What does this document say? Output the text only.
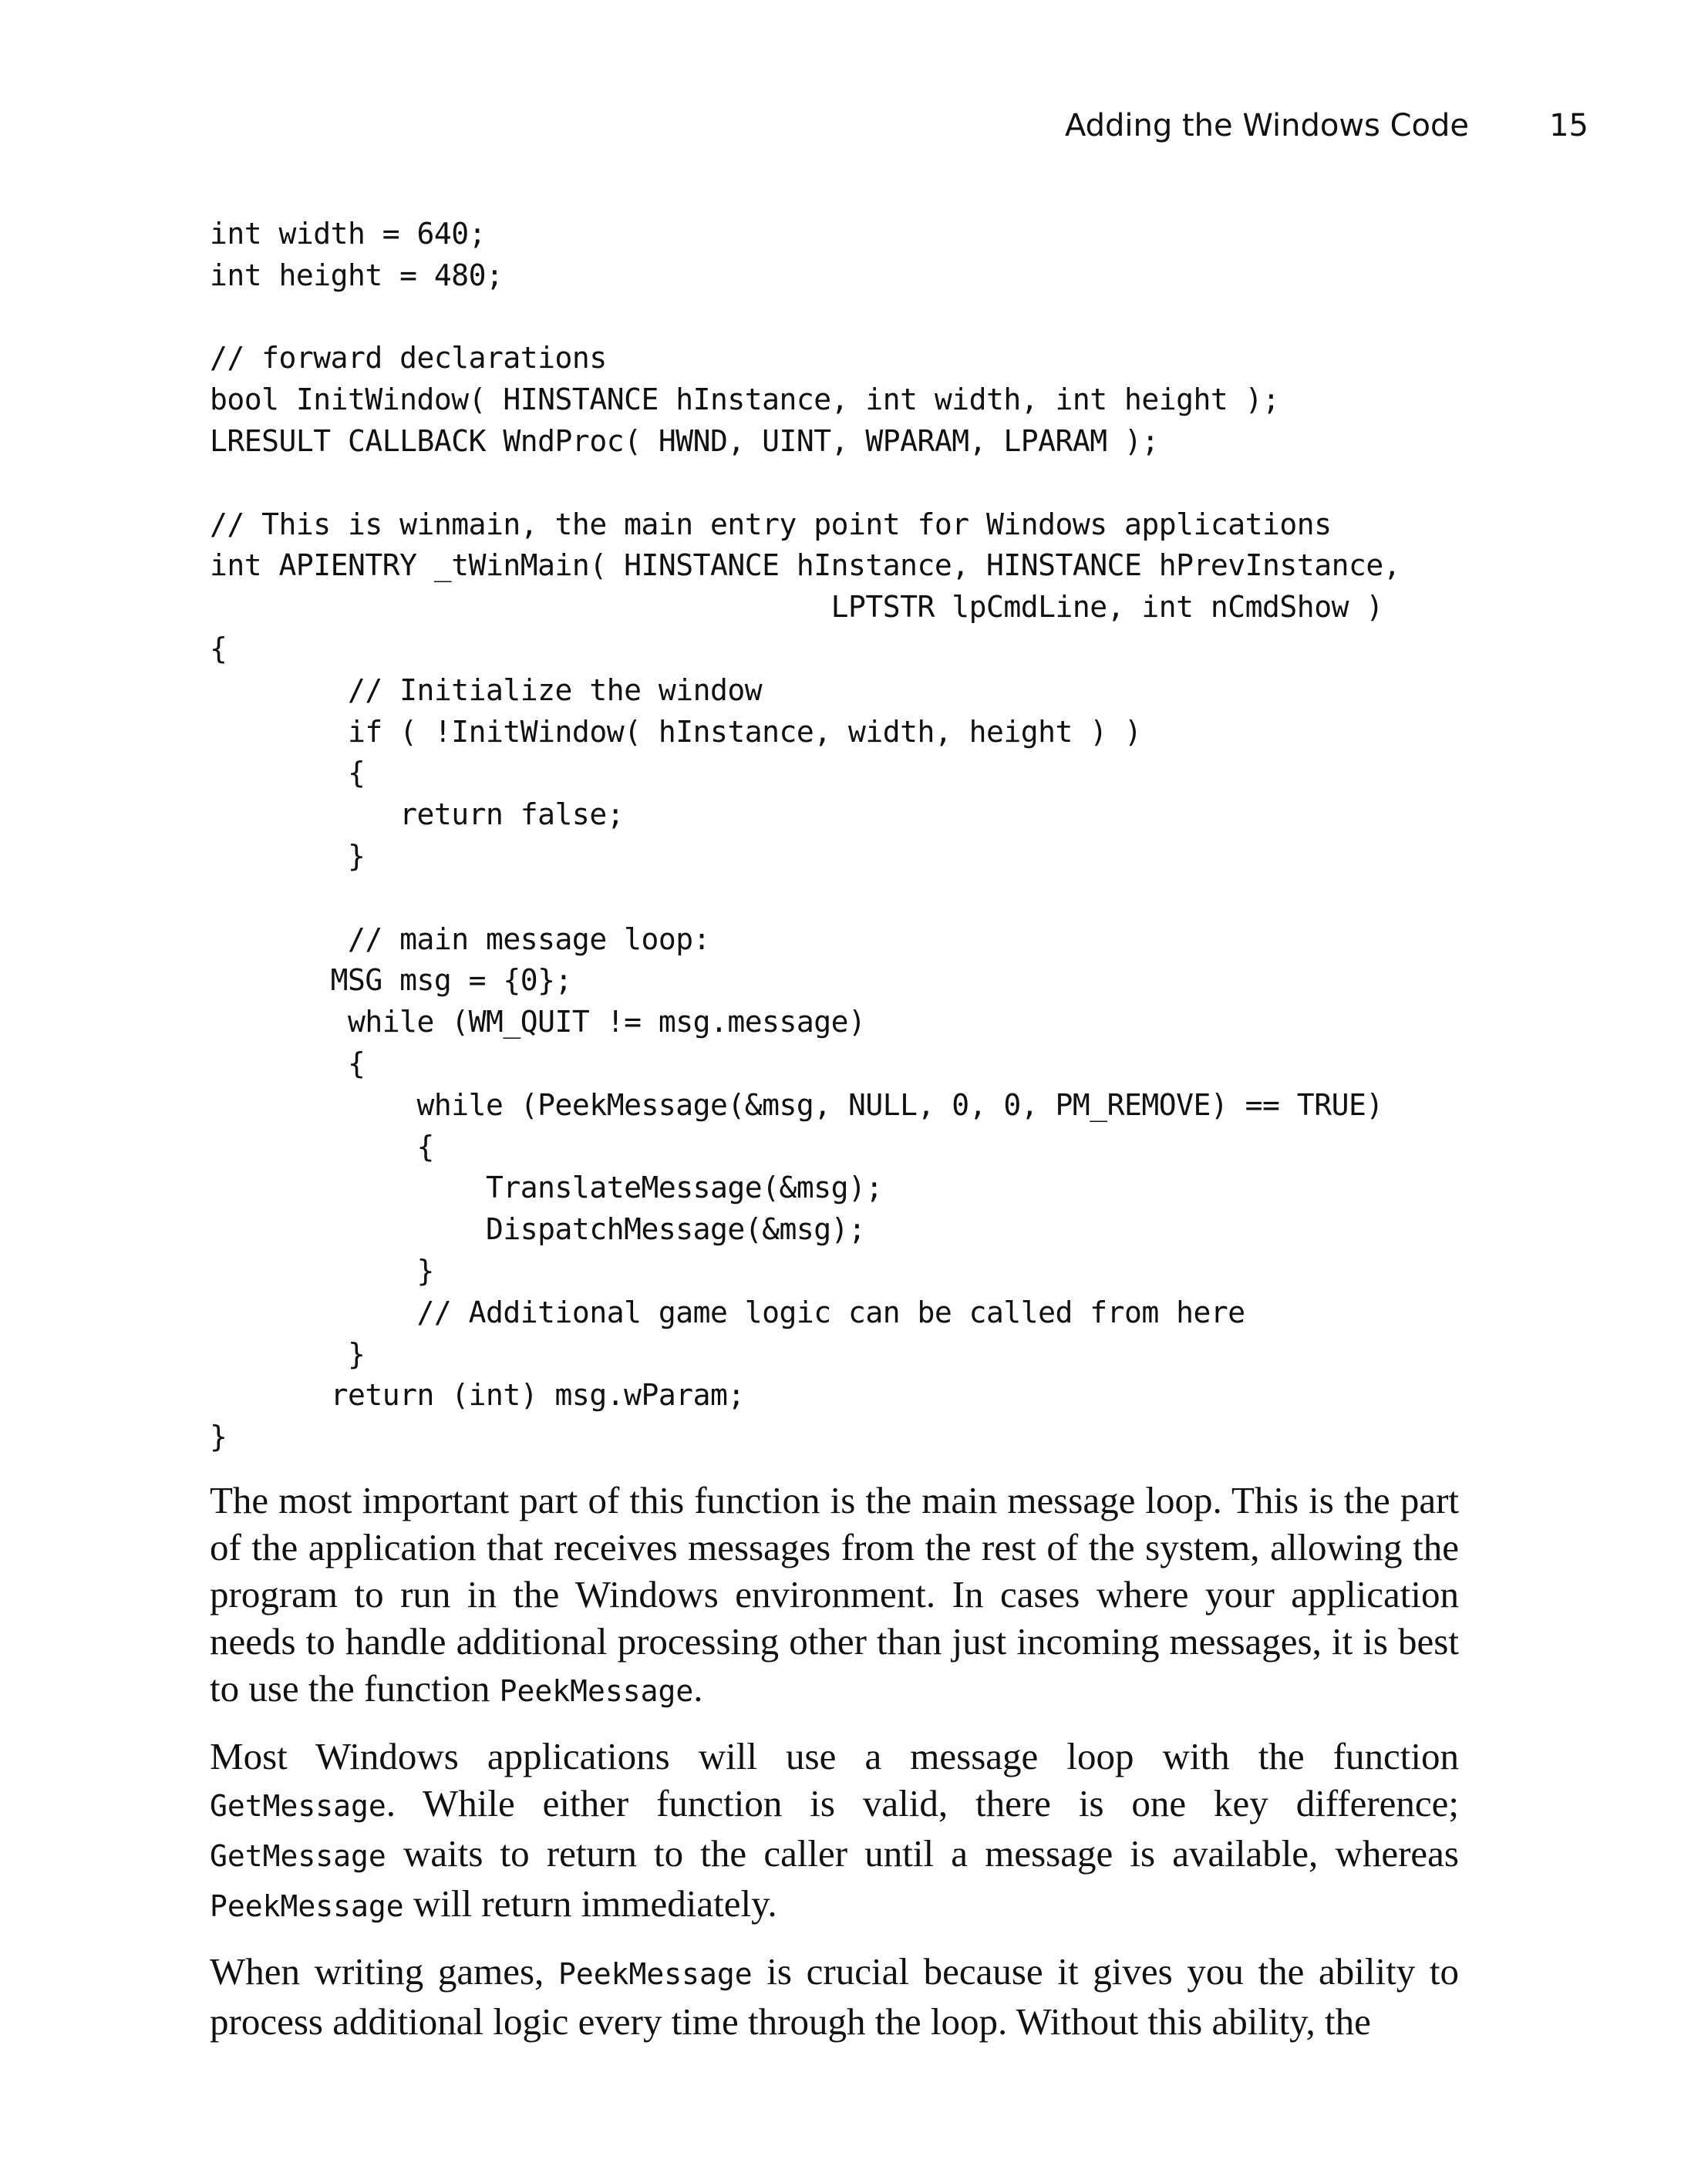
Adding the Windows Code	15
int width = 640;
int height = 480;
// forward declarations
bool InitWindow( HINSTANCE hInstance, int width, int height );
LRESULT CALLBACK WndProc( HWND, UINT, WPARAM, LPARAM );
// This is winmain, the main entry point for Windows applications
int APIENTRY _tWinMain( HINSTANCE hInstance, HINSTANCE hPrevInstance,
LPTSTR lpCmdLine, int nCmdShow )
{
// Initialize the window
if ( !InitWindow( hInstance, width, height ) )
{
return false;
}
// main message loop:
MSG msg = {0};
while (WM_QUIT != msg.message)
{
while (PeekMessage(&msg, NULL, 0, 0, PM_REMOVE) == TRUE)
{
TranslateMessage(&msg);
DispatchMessage(&msg);
}
// Additional game logic can be called from here
}
return (int) msg.wParam;
}

The most important part of this function is the main message loop. This is the part of the application that receives messages from the rest of the system, allowing the program to run in the Windows environment. In cases where your application needs to handle additional processing other than just incoming messages, it is best to use the function PeekMessage.

Most Windows applications will use a message loop with the function GetMessage. While either function is valid, there is one key difference; GetMessage waits to return to the caller until a message is available, whereas PeekMessage will return immediately.

When writing games, PeekMessage is crucial because it gives you the ability to process additional logic every time through the loop. Without this ability, the
